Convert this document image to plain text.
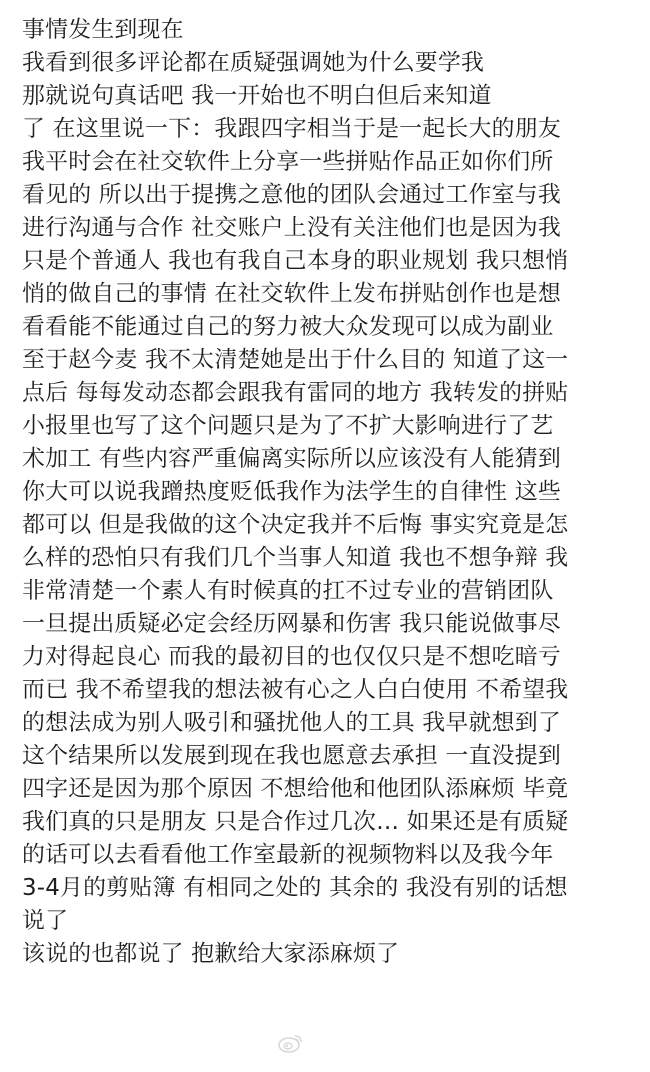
事情发生到现在
我看到很多评论都在质疑强调她为什么要学我
那就说句真话吧 我一开始也不明白但后来知道
了 在这里说一下：我跟四字相当于是一起长大的朋友
我平时会在社交软件上分享一些拼贴作品正如你们所
看见的 所以出于提携之意他的团队会通过工作室与我
进行沟通与合作 社交账户上没有关注他们也是因为我
只是个普通人 我也有我自己本身的职业规划 我只想悄
悄的做自己的事情 在社交软件上发布拼贴创作也是想
看看能不能通过自己的努力被大众发现可以成为副业
至于赵今麦 我不太清楚她是出于什么目的 知道了这一
点后 每每发动态都会跟我有雷同的地方 我转发的拼贴
小报里也写了这个问题只是为了不扩大影响进行了艺
术加工 有些内容严重偏离实际所以应该没有人能猜到
你大可以说我蹭热度贬低我作为法学生的自律性 这些
都可以 但是我做的这个决定我并不后悔 事实究竟是怎
么样的恐怕只有我们几个当事人知道 我也不想争辩 我
非常清楚一个素人有时候真的扛不过专业的营销团队
一旦提出质疑必定会经历网暴和伤害 我只能说做事尽
力对得起良心 而我的最初目的也仅仅只是不想吃暗亏
而已 我不希望我的想法被有心之人白白使用 不希望我
的想法成为别人吸引和骚扰他人的工具 我早就想到了
这个结果所以发展到现在我也愿意去承担 一直没提到
四字还是因为那个原因 不想给他和他团队添麻烦 毕竟
我们真的只是朋友 只是合作过几次… 如果还是有质疑
的话可以去看看他工作室最新的视频物料以及我今年
3-4月的剪贴簿 有相同之处的 其余的 我没有别的话想
说了
该说的也都说了 抱歉给大家添麻烦了
